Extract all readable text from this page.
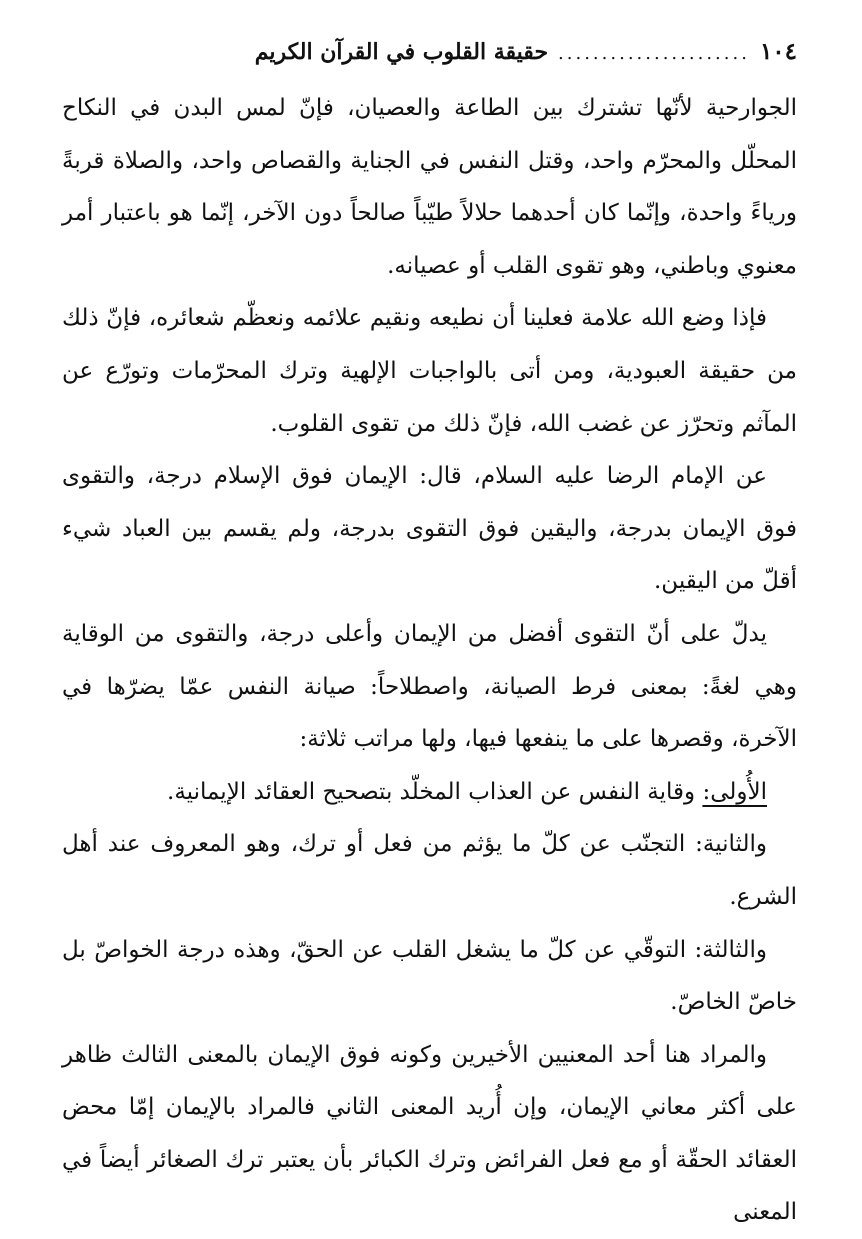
١٠٤
......................
حقيقة القلوب في القرآن الكريم

الجوارحية لأنّها تشترك بين الطاعة والعصيان، فإنّ لمس البدن في النكاح المحلّل والمحرّم واحد، وقتل النفس في الجناية والقصاص واحد، والصلاة قربةً ورياءً واحدة، وإنّما كان أحدهما حلالاً طيّباً صالحاً دون الآخر، إنّما هو باعتبار أمر معنوي وباطني، وهو تقوى القلب أو عصيانه.

فإذا وضع الله علامة فعلينا أن نطيعه ونقيم علائمه ونعظّم شعائره، فإنّ ذلك من حقيقة العبودية، ومن أتى بالواجبات الإلهية وترك المحرّمات وتورّع عن المآثم وتحرّز عن غضب الله، فإنّ ذلك من تقوى القلوب.

عن الإمام الرضا عليه السلام، قال: الإيمان فوق الإسلام درجة، والتقوى فوق الإيمان بدرجة، واليقين فوق التقوى بدرجة، ولم يقسم بين العباد شيء أقلّ من اليقين.

يدلّ على أنّ التقوى أفضل من الإيمان وأعلى درجة، والتقوى من الوقاية وهي لغةً: بمعنى فرط الصيانة، واصطلاحاً: صيانة النفس عمّا يضرّها في الآخرة، وقصرها على ما ينفعها فيها، ولها مراتب ثلاثة:

الأُولى: وقاية النفس عن العذاب المخلّد بتصحيح العقائد الإيمانية.

والثانية: التجنّب عن كلّ ما يؤثم من فعل أو ترك، وهو المعروف عند أهل الشرع.

والثالثة: التوقّي عن كلّ ما يشغل القلب عن الحقّ، وهذه درجة الخواصّ بل خاصّ الخاصّ.

والمراد هنا أحد المعنيين الأخيرين وكونه فوق الإيمان بالمعنى الثالث ظاهر على أكثر معاني الإيمان، وإن أُريد المعنى الثاني فالمراد بالإيمان إمّا محض العقائد الحقّة أو مع فعل الفرائض وترك الكبائر بأن يعتبر ترك الصغائر أيضاً في المعنى
